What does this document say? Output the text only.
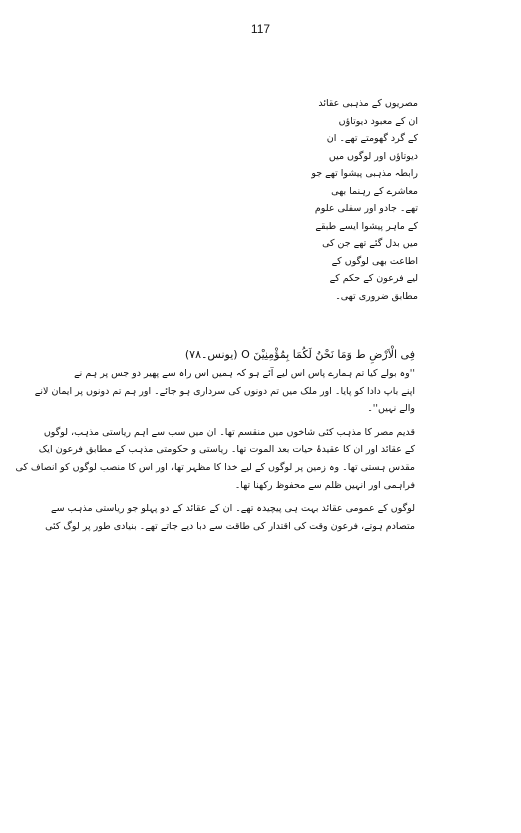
117
مصریوں کے مذہبی عقائد
ان کے معبود دیوتاؤں
کے گرد گھومتے تھے۔ ان
دیوتاؤں اور لوگوں میں
رابطہ مذہبی پیشوا تھے جو
معاشرے کے رہنما بھی
تھے۔ جادو اور سفلی علوم
کے ماہر پیشوا ایسے طبقے
میں بدل گئے تھے جن کی
اطاعت بھی لوگوں کے
لیے فرعون کے حکم کے
مطابق ضروری تھی۔
فِی الْاَرْضِ ط وَمَا نَحْنُ لَكُمَا بِمُؤْمِنِيْنَ O (یونس۔۷۸)
''وہ بولے کیا تم ہمارے پاس اس لیے آئے ہو کہ ہمیں اس راہ سے پھیر دو جس پر ہم نے
اپنے باپ دادا کو پایا۔ اور ملک میں تم دونوں کی سرداری ہو جائے۔ اور ہم تم دونوں پر ایمان لانے
والے نہیں''۔
قدیم مصر کا مذہب کئی شاخوں میں منقسم تھا۔ ان میں سب سے اہم ریاستی مذہب، لوگوں
کے عقائد اور ان کا عقیدۂ حیات بعد الموت تھا۔ ریاستی و حکومتی مذہب کے مطابق فرعون ایک
مقدس ہستی تھا۔ وہ زمین پر لوگوں کے لیے خدا کا مظہر تھا، اور اس کا منصب لوگوں کو انصاف کی
فراہمی اور انہیں ظلم سے محفوظ رکھنا تھا۔
لوگوں کے عمومی عقائد بہت ہی پیچیدہ تھے۔ ان کے عقائد کے دو پہلو جو ریاستی مذہب سے
متصادم ہوتے، فرعون وقت کی اقتدار کی طاقت سے دبا دیے جاتے تھے۔ بنیادی طور پر لوگ کئی
